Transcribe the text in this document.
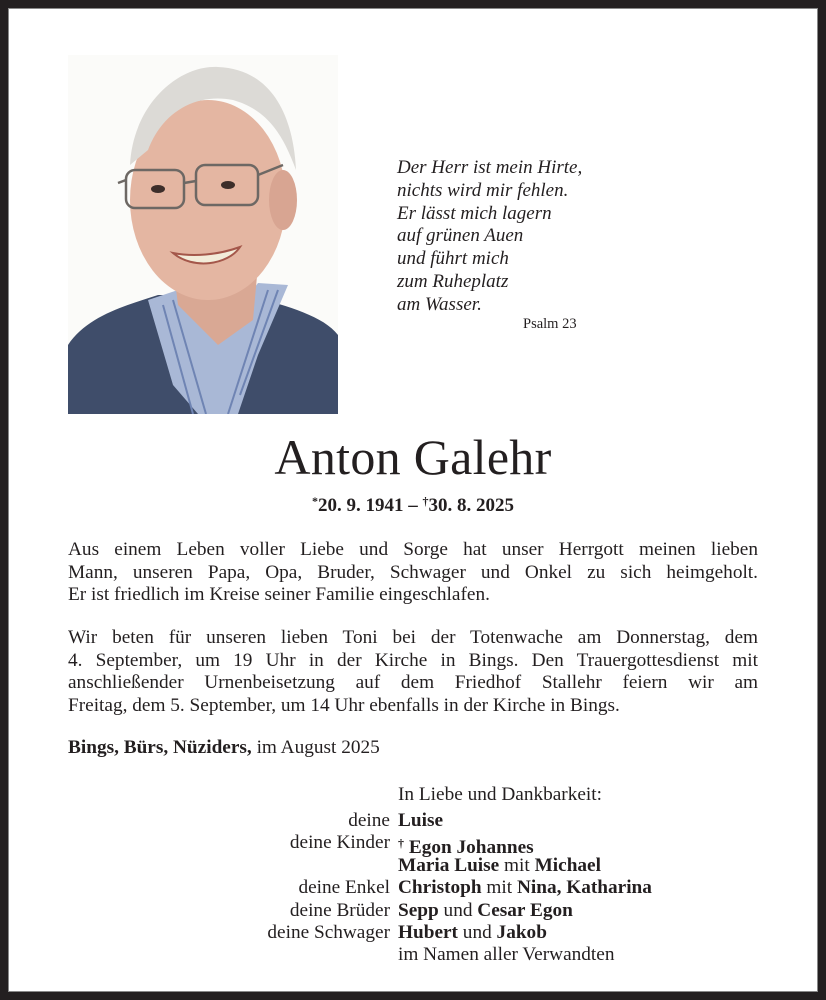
Der Herr ist mein Hirte,
nichts wird mir fehlen.
Er lässt mich lagern
auf grünen Auen
und führt mich
zum Ruheplatz
am Wasser.
Psalm 23
Anton Galehr
*20. 9. 1941 – †30. 8. 2025
Aus einem Leben voller Liebe und Sorge hat unser Herrgott meinen lieben
Mann, unseren Papa, Opa, Bruder, Schwager und Onkel zu sich heimgeholt.
Er ist friedlich im Kreise seiner Familie eingeschlafen.
Wir beten für unseren lieben Toni bei der Totenwache am Donnerstag, dem
4. September, um 19 Uhr in der Kirche in Bings. Den Trauergottesdienst mit
anschließender Urnenbeisetzung auf dem Friedhof Stallehr feiern wir am
Freitag, dem 5. September, um 14 Uhr ebenfalls in der Kirche in Bings.
Bings, Bürs, Nüziders, im August 2025
In Liebe und Dankbarkeit:
deine Luise
deine Kinder † Egon Johannes
Maria Luise mit Michael
deine Enkel Christoph mit Nina, Katharina
deine Brüder Sepp und Cesar Egon
deine Schwager Hubert und Jakob
im Namen aller Verwandten
